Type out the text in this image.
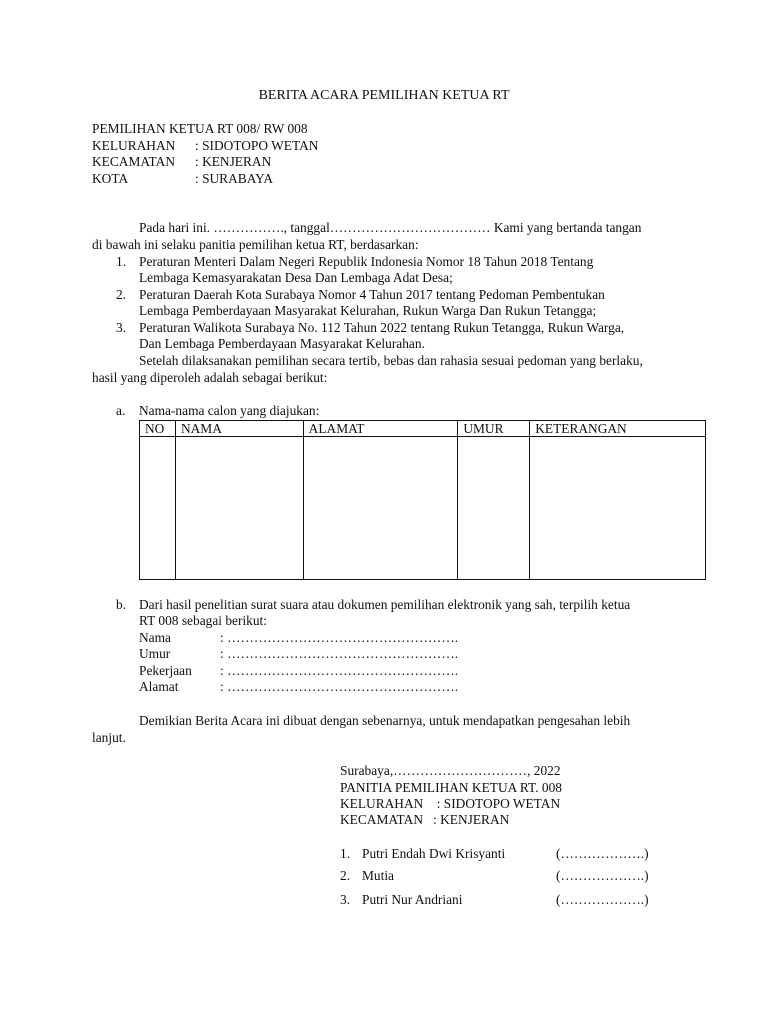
BERITA ACARA PEMILIHAN KETUA RT
PEMILIHAN KETUA RT 008/ RW 008
KELURAHAN : SIDOTOPO WETAN
KECAMATAN : KENJERAN
KOTA	: SURABAYA
Pada hari ini. ……………., tanggal……………………………… Kami yang bertanda tangan
di bawah ini selaku panitia pemilihan ketua RT, berdasarkan:
1. Peraturan Menteri Dalam Negeri Republik Indonesia Nomor 18 Tahun 2018 Tentang
Lembaga Kemasyarakatan Desa Dan Lembaga Adat Desa;
2. Peraturan Daerah Kota Surabaya Nomor 4 Tahun 2017 tentang Pedoman Pembentukan
Lembaga Pemberdayaan Masyarakat Kelurahan, Rukun Warga Dan Rukun Tetangga;
3. Peraturan Walikota Surabaya No. 112 Tahun 2022 tentang Rukun Tetangga, Rukun Warga,
Dan Lembaga Pemberdayaan Masyarakat Kelurahan.
Setelah dilaksanakan pemilihan secara tertib, bebas dan rahasia sesuai pedoman yang berlaku,
hasil yang diperoleh adalah sebagai berikut:
a. Nama-nama calon yang diajukan:
NO	NAMA	ALAMAT	UMUR	KETERANGAN

b. Dari hasil penelitian surat suara atau dokumen pemilihan elektronik yang sah, terpilih ketua
RT 008 sebagai berikut:
Nama	: …………………………………………….
Umur	: …………………………………………….
Pekerjaan : …………………………………………….
Alamat	: …………………………………………….
Demikian Berita Acara ini dibuat dengan sebenarnya, untuk mendapatkan pengesahan lebih
lanjut.
Surabaya,…………………………, 2022
PANITIA PEMILIHAN KETUA RT. 008
KELURAHAN    : SIDOTOPO WETAN
KECAMATAN   : KENJERAN
1. Putri Endah Dwi Krisyanti	(……………….)
2. Mutia	(……………….)
3. Putri Nur Andriani	(……………….)
